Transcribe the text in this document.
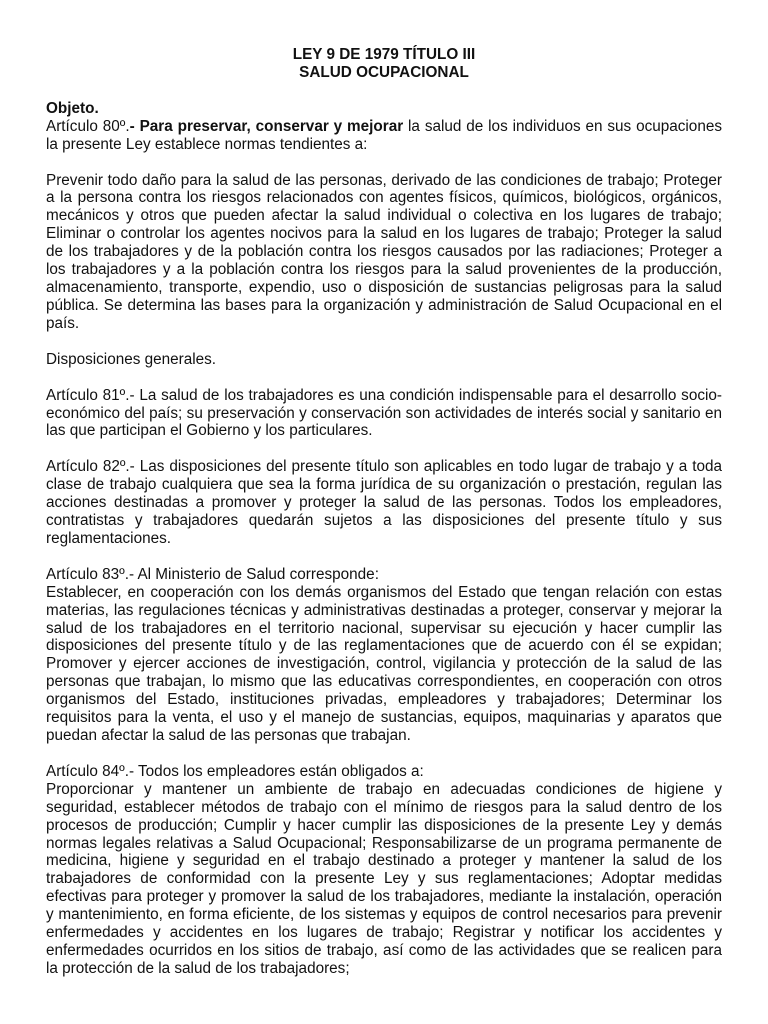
LEY 9 DE 1979 TÍTULO III
SALUD OCUPACIONAL
Objeto.

Artículo 80º.- Para preservar, conservar y mejorar la salud de los individuos en sus ocupaciones la presente Ley establece normas tendientes a:

Prevenir todo daño para la salud de las personas, derivado de las condiciones de trabajo; Proteger a la persona contra los riesgos relacionados con agentes físicos, químicos, biológicos, orgánicos, mecánicos y otros que pueden afectar la salud individual o colectiva en los lugares de trabajo; Eliminar o controlar los agentes nocivos para la salud en los lugares de trabajo; Proteger la salud de los trabajadores y de la población contra los riesgos causados por las radiaciones; Proteger a los trabajadores y a la población contra los riesgos para la salud provenientes de la producción, almacenamiento, transporte, expendio, uso o disposición de sustancias peligrosas para la salud pública. Se determina las bases para la organización y administración de Salud Ocupacional en el país.

Disposiciones generales.

Artículo 81º.- La salud de los trabajadores es una condición indispensable para el desarrollo socio-económico del país; su preservación y conservación son actividades de interés social y sanitario en las que participan el Gobierno y los particulares.

Artículo 82º.- Las disposiciones del presente título son aplicables en todo lugar de trabajo y a toda clase de trabajo cualquiera que sea la forma jurídica de su organización o prestación, regulan las acciones destinadas a promover y proteger la salud de las personas. Todos los empleadores, contratistas y trabajadores quedarán sujetos a las disposiciones del presente título y sus reglamentaciones.

Artículo 83º.- Al Ministerio de Salud corresponde:

Establecer, en cooperación con los demás organismos del Estado que tengan relación con estas materias, las regulaciones técnicas y administrativas destinadas a proteger, conservar y mejorar la salud de los trabajadores en el territorio nacional, supervisar su ejecución y hacer cumplir las disposiciones del presente título y de las reglamentaciones que de acuerdo con él se expidan; Promover y ejercer acciones de investigación, control, vigilancia y protección de la salud de las personas que trabajan, lo mismo que las educativas correspondientes, en cooperación con otros organismos del Estado, instituciones privadas, empleadores y trabajadores; Determinar los requisitos para la venta, el uso y el manejo de sustancias, equipos, maquinarias y aparatos que puedan afectar la salud de las personas que trabajan.

Artículo 84º.- Todos los empleadores están obligados a:

Proporcionar y mantener un ambiente de trabajo en adecuadas condiciones de higiene y seguridad, establecer métodos de trabajo con el mínimo de riesgos para la salud dentro de los procesos de producción; Cumplir y hacer cumplir las disposiciones de la presente Ley y demás normas legales relativas a Salud Ocupacional; Responsabilizarse de un programa permanente de medicina, higiene y seguridad en el trabajo destinado a proteger y mantener la salud de los trabajadores de conformidad con la presente Ley y sus reglamentaciones; Adoptar medidas efectivas para proteger y promover la salud de los trabajadores, mediante la instalación, operación y mantenimiento, en forma eficiente, de los sistemas y equipos de control necesarios para prevenir enfermedades y accidentes en los lugares de trabajo; Registrar y notificar los accidentes y enfermedades ocurridos en los sitios de trabajo, así como de las actividades que se realicen para la protección de la salud de los trabajadores;
